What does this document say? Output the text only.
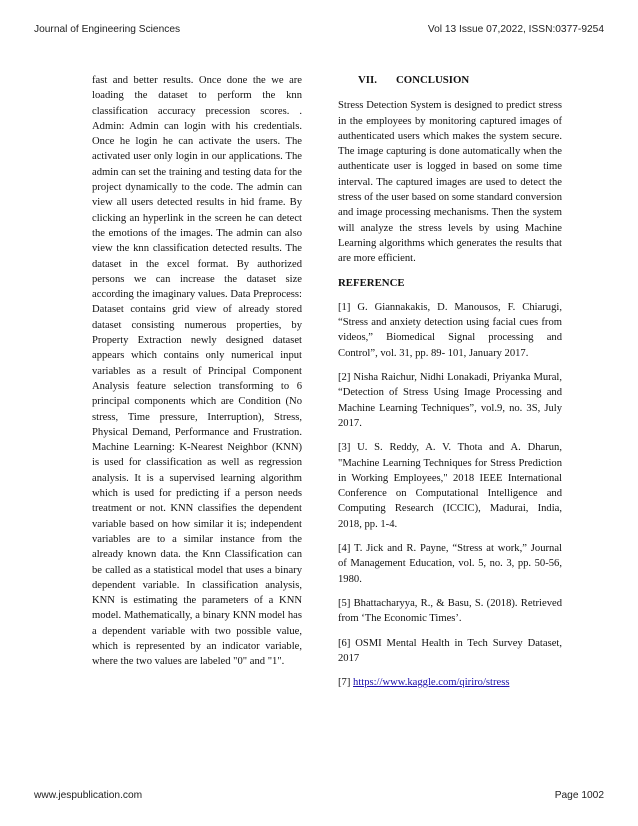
Journal of Engineering Sciences	Vol 13 Issue 07,2022, ISSN:0377-9254

fast and better results. Once done the we are loading the dataset to perform the knn classification accuracy precession scores. . Admin: Admin can login with his credentials. Once he login he can activate the users. The activated user only login in our applications. The admin can set the training and testing data for the project dynamically to the code. The admin can view all users detected results in hid frame. By clicking an hyperlink in the screen he can detect the emotions of the images. The admin can also view the knn classification detected results. The dataset in the excel format. By authorized persons we can increase the dataset size according the imaginary values. Data Preprocess: Dataset contains grid view of already stored dataset consisting numerous properties, by Property Extraction newly designed dataset appears which contains only numerical input variables as a result of Principal Component Analysis feature selection transforming to 6 principal components which are Condition (No stress, Time pressure, Interruption), Stress, Physical Demand, Performance and Frustration. Machine Learning: K-Nearest Neighbor (KNN) is used for classification as well as regression analysis. It is a supervised learning algorithm which is used for predicting if a person needs treatment or not. KNN classifies the dependent variable based on how similar it is; independent variables are to a similar instance from the already known data. the Knn Classification can be called as a statistical model that uses a binary dependent variable. In classification analysis, KNN is estimating the parameters of a KNN model. Mathematically, a binary KNN model has a dependent variable with two possible value, which is represented by an indicator variable, where the two values are labeled "0" and "1".

VII. CONCLUSION

Stress Detection System is designed to predict stress in the employees by monitoring captured images of authenticated users which makes the system secure. The image capturing is done automatically when the authenticate user is logged in based on some time interval. The captured images are used to detect the stress of the user based on some standard conversion and image processing mechanisms. Then the system will analyze the stress levels by using Machine Learning algorithms which generates the results that are more efficient.

REFERENCE

[1] G. Giannakakis, D. Manousos, F. Chiarugi, “Stress and anxiety detection using facial cues from videos,” Biomedical Signal processing and Control”, vol. 31, pp. 89- 101, January 2017.

[2] Nisha Raichur, Nidhi Lonakadi, Priyanka Mural, “Detection of Stress Using Image Processing and Machine Learning Techniques”, vol.9, no. 3S, July 2017.

[3] U. S. Reddy, A. V. Thota and A. Dharun, "Machine Learning Techniques for Stress Prediction in Working Employees," 2018 IEEE International Conference on Computational Intelligence and Computing Research (ICCIC), Madurai, India, 2018, pp. 1-4.

[4] T. Jick and R. Payne, “Stress at work,” Journal of Management Education, vol. 5, no. 3, pp. 50-56, 1980.

[5] Bhattacharyya, R., & Basu, S. (2018). Retrieved from ‘The Economic Times’.

[6] OSMI Mental Health in Tech Survey Dataset, 2017

[7] https://www.kaggle.com/qiriro/stress

www.jespublication.com	Page 1002
